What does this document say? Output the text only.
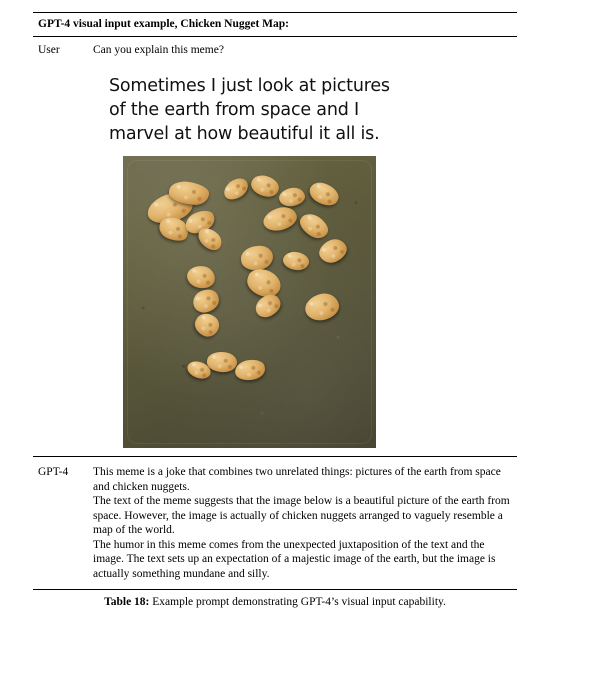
GPT-4 visual input example, Chicken Nugget Map:
User	Can you explain this meme?

Sometimes I just look at pictures of the earth from space and I marvel at how beautiful it all is.
GPT-4	This meme is a joke that combines two unrelated things: pictures of the earth from space and chicken nuggets.

The text of the meme suggests that the image below is a beautiful picture of the earth from space. However, the image is actually of chicken nuggets arranged to vaguely resemble a map of the world.

The humor in this meme comes from the unexpected juxtaposition of the text and the image. The text sets up an expectation of a majestic image of the earth, but the image is actually something mundane and silly.

Table 18: Example prompt demonstrating GPT-4’s visual input capability.
